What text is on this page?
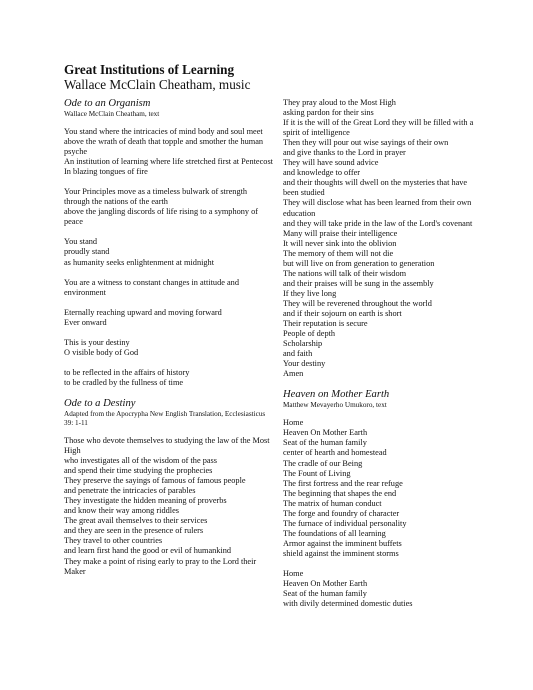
Great Institutions of Learning

Wallace McClain Cheatham, music

Ode to an Organism

Wallace McClain Cheatham, text

You stand where the intricacies of mind body and soul meet
above the wrath of death that topple and smother the human psyche
An institution of learning where life stretched first at Pentecost
In blazing tongues of fire
Your Principles move as a timeless bulwark of strength
through the nations of the earth
above the jangling discords of life rising to a symphony of peace
You stand
proudly stand
as humanity seeks enlightenment at midnight
You are a witness to constant changes in attitude and environment
Eternally reaching upward and moving forward
Ever onward
This is your destiny
O visible body of God
to be reflected in the affairs of history
to be cradled by the fullness of time

Ode to a Destiny

Adapted from the Apocrypha New English Translation, Ecclesiasticus 39: 1-11

Those who devote themselves to studying the law of the Most High
who investigates all of the wisdom of the pass
and spend their time studying the prophecies
They preserve the sayings of famous of famous people
and penetrate the intricacies of parables
They investigate the hidden meaning of proverbs
and know their way among riddles
The great avail themselves to their services
and they are seen in the presence of rulers
They travel to other countries
and learn first hand the good or evil of humankind
They make a point of rising early to pray to the Lord their Maker
They pray aloud to the Most High
asking pardon for their sins
If it is the will of the Great Lord they will be filled with a spirit of intelligence
Then they will pour out wise sayings of their own
and give thanks to the Lord in prayer
They will have sound advice
and knowledge to offer
and their thoughts will dwell on the mysteries that have been studied
They will disclose what has been learned from their own education
and they will take pride in the law of the Lord's covenant
Many will praise their intelligence
It will never sink into the oblivion
The memory of them will not die
but will live on from generation to generation
The nations will talk of their wisdom
and their praises will be sung in the assembly
If they live long
They will be reverened throughout the world
and if their sojourn on earth is short
Their reputation is secure
People of depth
Scholarship
and faith
Your destiny
Amen

Heaven on Mother Earth

Matthew Mevayerho Umukoro, text

Home
Heaven On Mother Earth
Seat of the human family
center of hearth and homestead
The cradle of our Being
The Fount of Living
The first fortress and the rear refuge
The beginning that shapes the end
The matrix of human conduct
The forge and foundry of character
The furnace of individual personality
The foundations of all learning
Armor against the imminent buffets
shield against the imminent storms
Home
Heaven On Mother Earth
Seat of the human family
with divily determined domestic duties
